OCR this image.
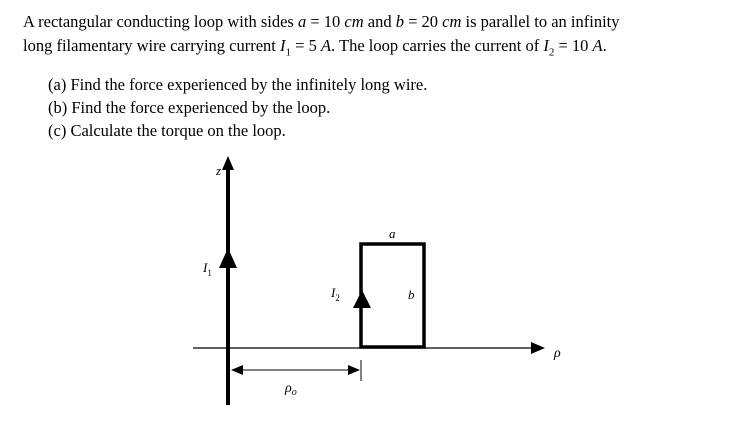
A rectangular conducting loop with sides a = 10 cm and b = 20 cm is parallel to an infinity

long filamentary wire carrying current $I_1 = 5$ A. The loop carries the current of $I_2 = 10$ A.

(a) Find the force experienced by the infinitely long wire.
(b) Find the force experienced by the loop.
(c) Calculate the torque on the loop.
z
$I_1$
ρ
$I_2$
a
b
$\rho_o$
